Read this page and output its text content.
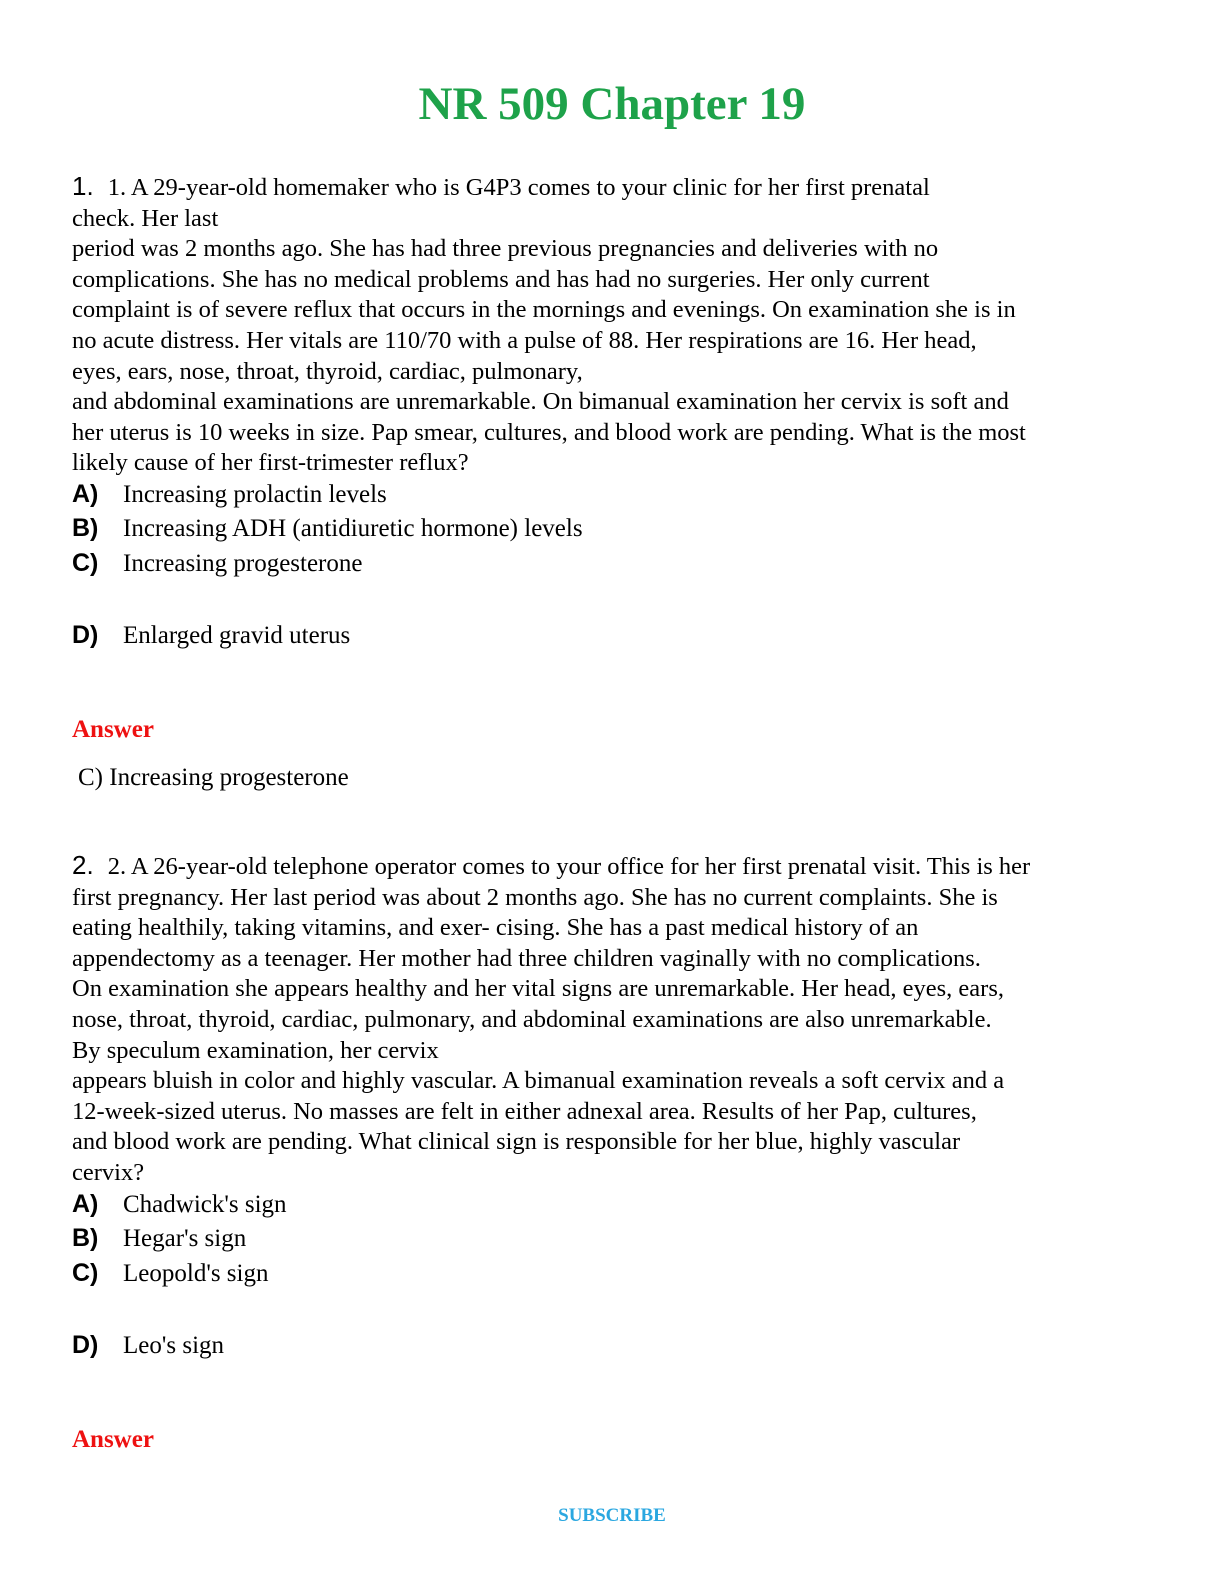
NR 509 Chapter 19
1. 1. A 29-year-old homemaker who is G4P3 comes to your clinic for her first prenatal
check. Her last
period was 2 months ago. She has had three previous pregnancies and deliveries with no
complications. She has no medical problems and has had no surgeries. Her only current
complaint is of severe reflux that occurs in the mornings and evenings. On examination she is in
no acute distress. Her vitals are 110/70 with a pulse of 88. Her respirations are 16. Her head,
eyes, ears, nose, throat, thyroid, cardiac, pulmonary,
and abdominal examinations are unremarkable. On bimanual examination her cervix is soft and
her uterus is 10 weeks in size. Pap smear, cultures, and blood work are pending. What is the most
likely cause of her first-trimester reflux?
A) Increasing prolactin levels
B) Increasing ADH (antidiuretic hormone) levels
C) Increasing progesterone
D) Enlarged gravid uterus
Answer
C) Increasing progesterone
2. 2. A 26-year-old telephone operator comes to your office for her first prenatal visit. This is her
first pregnancy. Her last period was about 2 months ago. She has no current complaints. She is
eating healthily, taking vitamins, and exer- cising. She has a past medical history of an
appendectomy as a teenager. Her mother had three children vaginally with no complications.
On examination she appears healthy and her vital signs are unremarkable. Her head, eyes, ears,
nose, throat, thyroid, cardiac, pulmonary, and abdominal examinations are also unremarkable.
By speculum examination, her cervix
appears bluish in color and highly vascular. A bimanual examination reveals a soft cervix and a
12-week-sized uterus. No masses are felt in either adnexal area. Results of her Pap, cultures,
and blood work are pending. What clinical sign is responsible for her blue, highly vascular
cervix?
A) Chadwick's sign
B) Hegar's sign
C) Leopold's sign
D) Leo's sign
Answer
SUBSCRIBE
